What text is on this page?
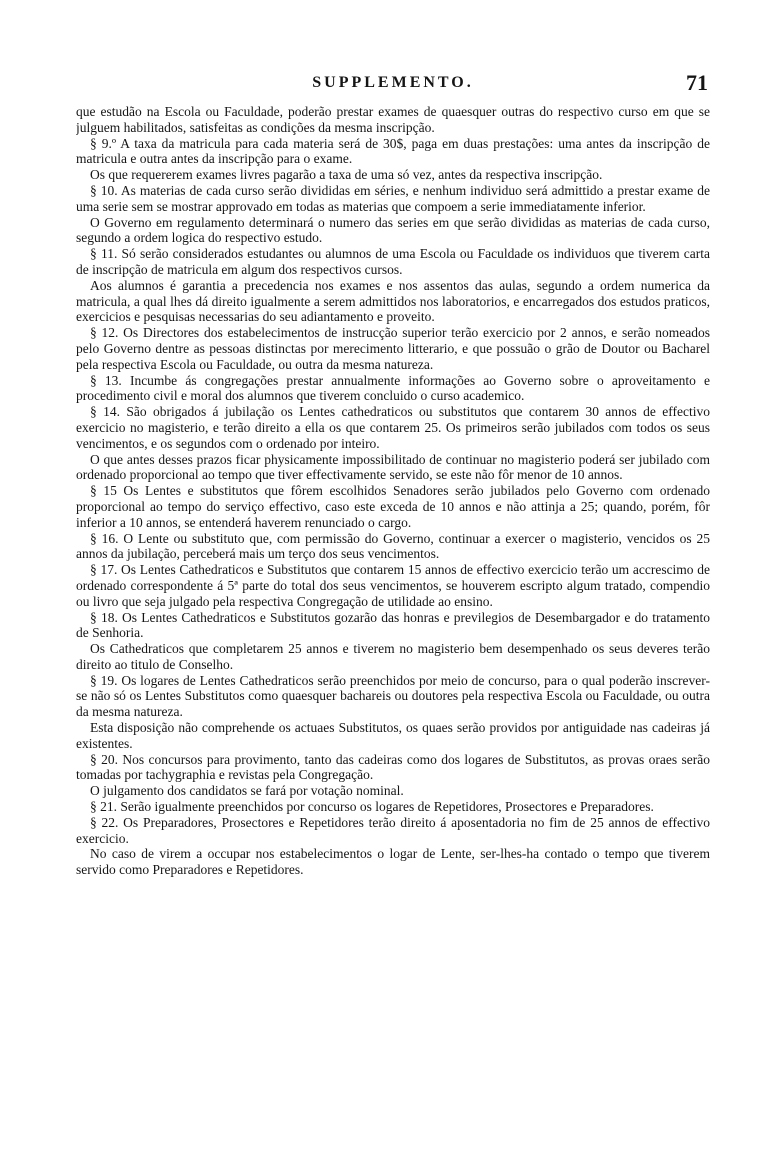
SUPPLEMENTO.	71

que estudão na Escola ou Faculdade, poderão prestar exames de quaesquer outras do respectivo curso em que se julguem habilitados, satisfeitas as condições da mesma inscripção.

§ 9.º A taxa da matricula para cada materia será de 30$, paga em duas prestações: uma antes da inscripção de matricula e outra antes da inscripção para o exame.

Os que requererem exames livres pagarão a taxa de uma só vez, antes da respectiva inscripção.

§ 10. As materias de cada curso serão divididas em séries, e nenhum individuo será admittido a prestar exame de uma serie sem se mostrar approvado em todas as materias que compoem a serie immediatamente inferior.

O Governo em regulamento determinará o numero das series em que serão divididas as materias de cada curso, segundo a ordem logica do respectivo estudo.

§ 11. Só serão considerados estudantes ou alumnos de uma Escola ou Faculdade os individuos que tiverem carta de inscripção de matricula em algum dos respectivos cursos.

Aos alumnos é garantia a precedencia nos exames e nos assentos das aulas, segundo a ordem numerica da matricula, a qual lhes dá direito igualmente a serem admittidos nos laboratorios, e encarregados dos estudos praticos, exercicios e pesquisas necessarias do seu adiantamento e proveito.

§ 12. Os Directores dos estabelecimentos de instrucção superior terão exercicio por 2 annos, e serão nomeados pelo Governo dentre as pessoas distinctas por merecimento litterario, e que possuão o grão de Doutor ou Bacharel pela respectiva Escola ou Faculdade, ou outra da mesma natureza.

§ 13. Incumbe ás congregações prestar annualmente informações ao Governo sobre o aproveitamento e procedimento civil e moral dos alumnos que tiverem concluido o curso academico.

§ 14. São obrigados á jubilação os Lentes cathedraticos ou substitutos que contarem 30 annos de effectivo exercicio no magisterio, e terão direito a ella os que contarem 25. Os primeiros serão jubilados com todos os seus vencimentos, e os segundos com o ordenado por inteiro.

O que antes desses prazos ficar physicamente impossibilitado de continuar no magisterio poderá ser jubilado com ordenado proporcional ao tempo que tiver effectivamente servido, se este não fôr menor de 10 annos.

§ 15 Os Lentes e substitutos que fôrem escolhidos Senadores serão jubilados pelo Governo com ordenado proporcional ao tempo do serviço effectivo, caso este exceda de 10 annos e não attinja a 25; quando, porém, fôr inferior a 10 annos, se entenderá haverem renunciado o cargo.

§ 16. O Lente ou substituto que, com permissão do Governo, continuar a exercer o magisterio, vencidos os 25 annos da jubilação, perceberá mais um terço dos seus vencimentos.

§ 17. Os Lentes Cathedraticos e Substitutos que contarem 15 annos de effectivo exercicio terão um accrescimo de ordenado correspondente á 5ª parte do total dos seus vencimentos, se houverem escripto algum tratado, compendio ou livro que seja julgado pela respectiva Congregação de utilidade ao ensino.

§ 18. Os Lentes Cathedraticos e Substitutos gozarão das honras e previlegios de Desembargador e do tratamento de Senhoria.

Os Cathedraticos que completarem 25 annos e tiverem no magisterio bem desempenhado os seus deveres terão direito ao titulo de Conselho.

§ 19. Os logares de Lentes Cathedraticos serão preenchidos por meio de concurso, para o qual poderão inscrever-se não só os Lentes Substitutos como quaesquer bachareis ou doutores pela respectiva Escola ou Faculdade, ou outra da mesma natureza.

Esta disposição não comprehende os actuaes Substitutos, os quaes serão providos por antiguidade nas cadeiras já existentes.

§ 20. Nos concursos para provimento, tanto das cadeiras como dos logares de Substitutos, as provas oraes serão tomadas por tachygraphia e revistas pela Congregação.

O julgamento dos candidatos se fará por votação nominal.

§ 21. Serão igualmente preenchidos por concurso os logares de Repetidores, Prosectores e Preparadores.

§ 22. Os Preparadores, Prosectores e Repetidores terão direito á aposentadoria no fim de 25 annos de effectivo exercicio.

No caso de virem a occupar nos estabelecimentos o logar de Lente, ser-lhes-ha contado o tempo que tiverem servido como Preparadores e Repetidores.
